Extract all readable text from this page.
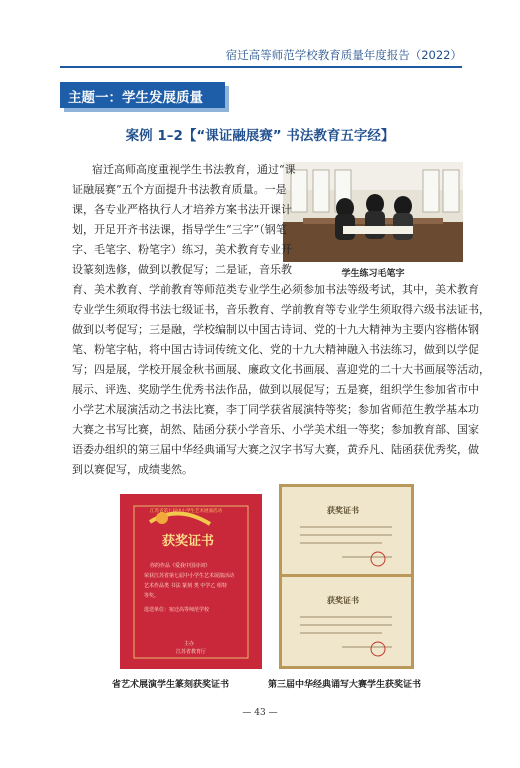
宿迁高等师范学校教育质量年度报告（2022）
主题一：学生发展质量
案例 1–2【“课证融展赛” 书法教育五字经】
学生练习毛笔字
宿迁高师高度重视学生书法教育，通过“课
证融展赛”五个方面提升书法教育质量。一是
课，各专业严格执行人才培养方案书法开课计
划，开足开齐书法课，指导学生“三字”（钢笔
字、毛笔字、粉笔字）练习，美术教育专业开
设篆刻选修，做到以教促写；二是证，音乐教
育、美术教育、学前教育等师范类专业学生必须参加书法等级考试，其中，美术教育
专业学生须取得书法七级证书，音乐教育、学前教育等专业学生须取得六级书法证书，
做到以考促写；三是融，学校编制以中国古诗词、党的十九大精神为主要内容楷体钢
笔、粉笔字帖，将中国古诗词传统文化、党的十九大精神融入书法练习，做到以学促
写；四是展，学校开展金秋书画展、廉政文化书画展、喜迎党的二十大书画展等活动，
展示、评选、奖励学生优秀书法作品，做到以展促写；五是赛，组织学生参加省市中
小学艺术展演活动之书法比赛，李丁同学获省展演特等奖；参加省师范生教学基本功
大赛之书写比赛，胡然、陆函分获小学音乐、小学美术组一等奖；参加教育部、国家
语委办组织的第三届中华经典诵写大赛之汉字书写大赛，黄乔凡、陆函获优秀奖，做
到以赛促写，成绩斐然。
江苏省第七届中小学生艺术展演活动
获奖证书
你的作品《爱我中国诗词》
荣获江苏省第七届中小学生艺术展演活动
艺术作品类 书法 篆刻 类 中学乙 组特
等奖。
选送单位：宿迁高等师范学校
主办
江苏省教育厅
获奖证书
获奖证书
省艺术展演学生篆刻获奖证书	第三届中华经典诵写大赛学生获奖证书
— 43 —
